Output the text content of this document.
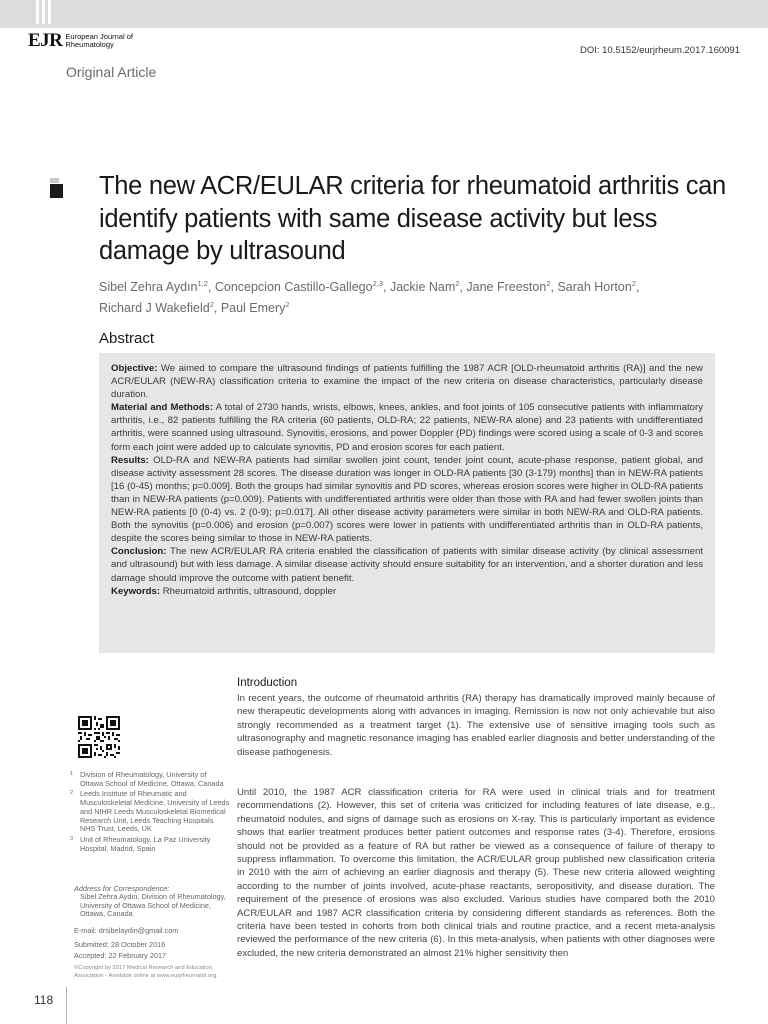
EJR European Journal of
Rheumatology
DOI: 10.5152/eurjrheum.2017.160091
Original Article
The new ACR/EULAR criteria for rheumatoid arthritis can identify patients with same disease activity but less damage by ultrasound
Sibel Zehra Aydın$^{1,2}$, Concepcion Castillo-Gallego$^{2,3}$, Jackie Nam$^2$, Jane Freeston$^2$, Sarah Horton$^2$,
Richard J Wakefield$^2$, Paul Emery$^2$
Abstract

Objective: We aimed to compare the ultrasound findings of patients fulfilling the 1987 ACR [OLD-rheumatoid arthritis (RA)] and the new ACR/EULAR (NEW-RA) classification criteria to examine the impact of the new criteria on disease characteristics, particularly disease duration.

Material and Methods: A total of 2730 hands, wrists, elbows, knees, ankles, and foot joints of 105 consecutive patients with inflammatory arthritis, i.e., 82 patients fulfilling the RA criteria (60 patients, OLD-RA; 22 patients, NEW-RA alone) and 23 patients with undifferentiated arthritis, were scanned using ultrasound. Synovitis, erosions, and power Doppler (PD) findings were scored using a scale of 0-3 and scores form each joint were added up to calculate synovitis, PD and erosion scores for each patient.

Results: OLD-RA and NEW-RA patients had similar swollen joint count, tender joint count, acute-phase response, patient global, and disease activity assessment 28 scores. The disease duration was longer in OLD-RA patients [30 (3-179) months] than in NEW-RA patients [16 (0-45) months; p=0.009]. Both the groups had similar synovitis and PD scores, whereas erosion scores were higher in OLD-RA patients than in NEW-RA patients (p=0.009). Patients with undifferentiated arthritis were older than those with RA and had fewer swollen joints than NEW-RA patients [0 (0-4) vs. 2 (0-9); p=0.017]. All other disease activity parameters were similar in both NEW-RA and OLD-RA patients. Both the synovitis (p=0.006) and erosion (p=0.007) scores were lower in patients with undifferentiated arthritis than in OLD-RA patients, despite the scores being similar to those in NEW-RA patients.

Conclusion: The new ACR/EULAR RA criteria enabled the classification of patients with similar disease activity (by clinical assessment and ultrasound) but with less damage. A similar disease activity should ensure suitability for an intervention, and a shorter duration and less damage should improve the outcome with patient benefit.

Keywords: Rheumatoid arthritis, ultrasound, doppler

Introduction

In recent years, the outcome of rheumatoid arthritis (RA) therapy has dramatically improved mainly because of new therapeutic developments along with advances in imaging. Remission is now not only achievable but also strongly recommended as a treatment target (1). The extensive use of sensitive imaging tools such as ultrasonography and magnetic resonance imaging has enabled earlier diagnosis and better understanding of the disease pathogenesis.

Until 2010, the 1987 ACR classification criteria for RA were used in clinical trials and for treatment recommendations (2). However, this set of criteria was criticized for including features of late disease, e.g., rheumatoid nodules, and signs of damage such as erosions on X-ray. This is particularly important as evidence shows that earlier treatment produces better patient outcomes and response rates (3-4). Therefore, erosions should not be provided as a feature of RA but rather be viewed as a consequence of failure of therapy to suppress inflammation. To overcome this limitation, the ACR/EULAR group published new classification criteria in 2010 with the aim of achieving an earlier diagnosis and therapy (5). These new criteria allowed weighting according to the number of joints involved, acute-phase reactants, seropositivity, and disease duration. The requirement of the presence of erosions was also excluded. Various studies have compared both the 2010 ACR/EULAR and 1987 ACR classification criteria by considering different standards as references. Both the criteria have been tested in cohorts from both clinical trials and routine practice, and a recent meta-analysis reviewed the performance of the new criteria (6). In this meta-analysis, when patients with other diagnoses were excluded, the new criteria demonstrated an almost 21% higher sensitivity then

1 Division of Rheumatology, University of Ottawa School of Medicine, Ottawa, Canada
2 Leeds Institute of Rheumatic and Musculoskeletal Medicine, University of Leeds and NIHR Leeds Musculoskeletal Biomedical Research Unit, Leeds Teaching Hospitals NHS Trust, Leeds, UK
3 Unit of Rheumatology, La Paz University Hospital, Madrid, Spain
Address for Correspondence:
Sibel Zehra Aydın, Division of Rheumatology, University of Ottawa School of Medicine, Ottawa, Canada
E-mail: drsibelaydin@gmail.com
Submitted: 28 October 2016
Accepted: 22 February 2017
©Copyright by 2017 Medical Research and Education Association - Available online at www.eurjrheumatol.org.
118
